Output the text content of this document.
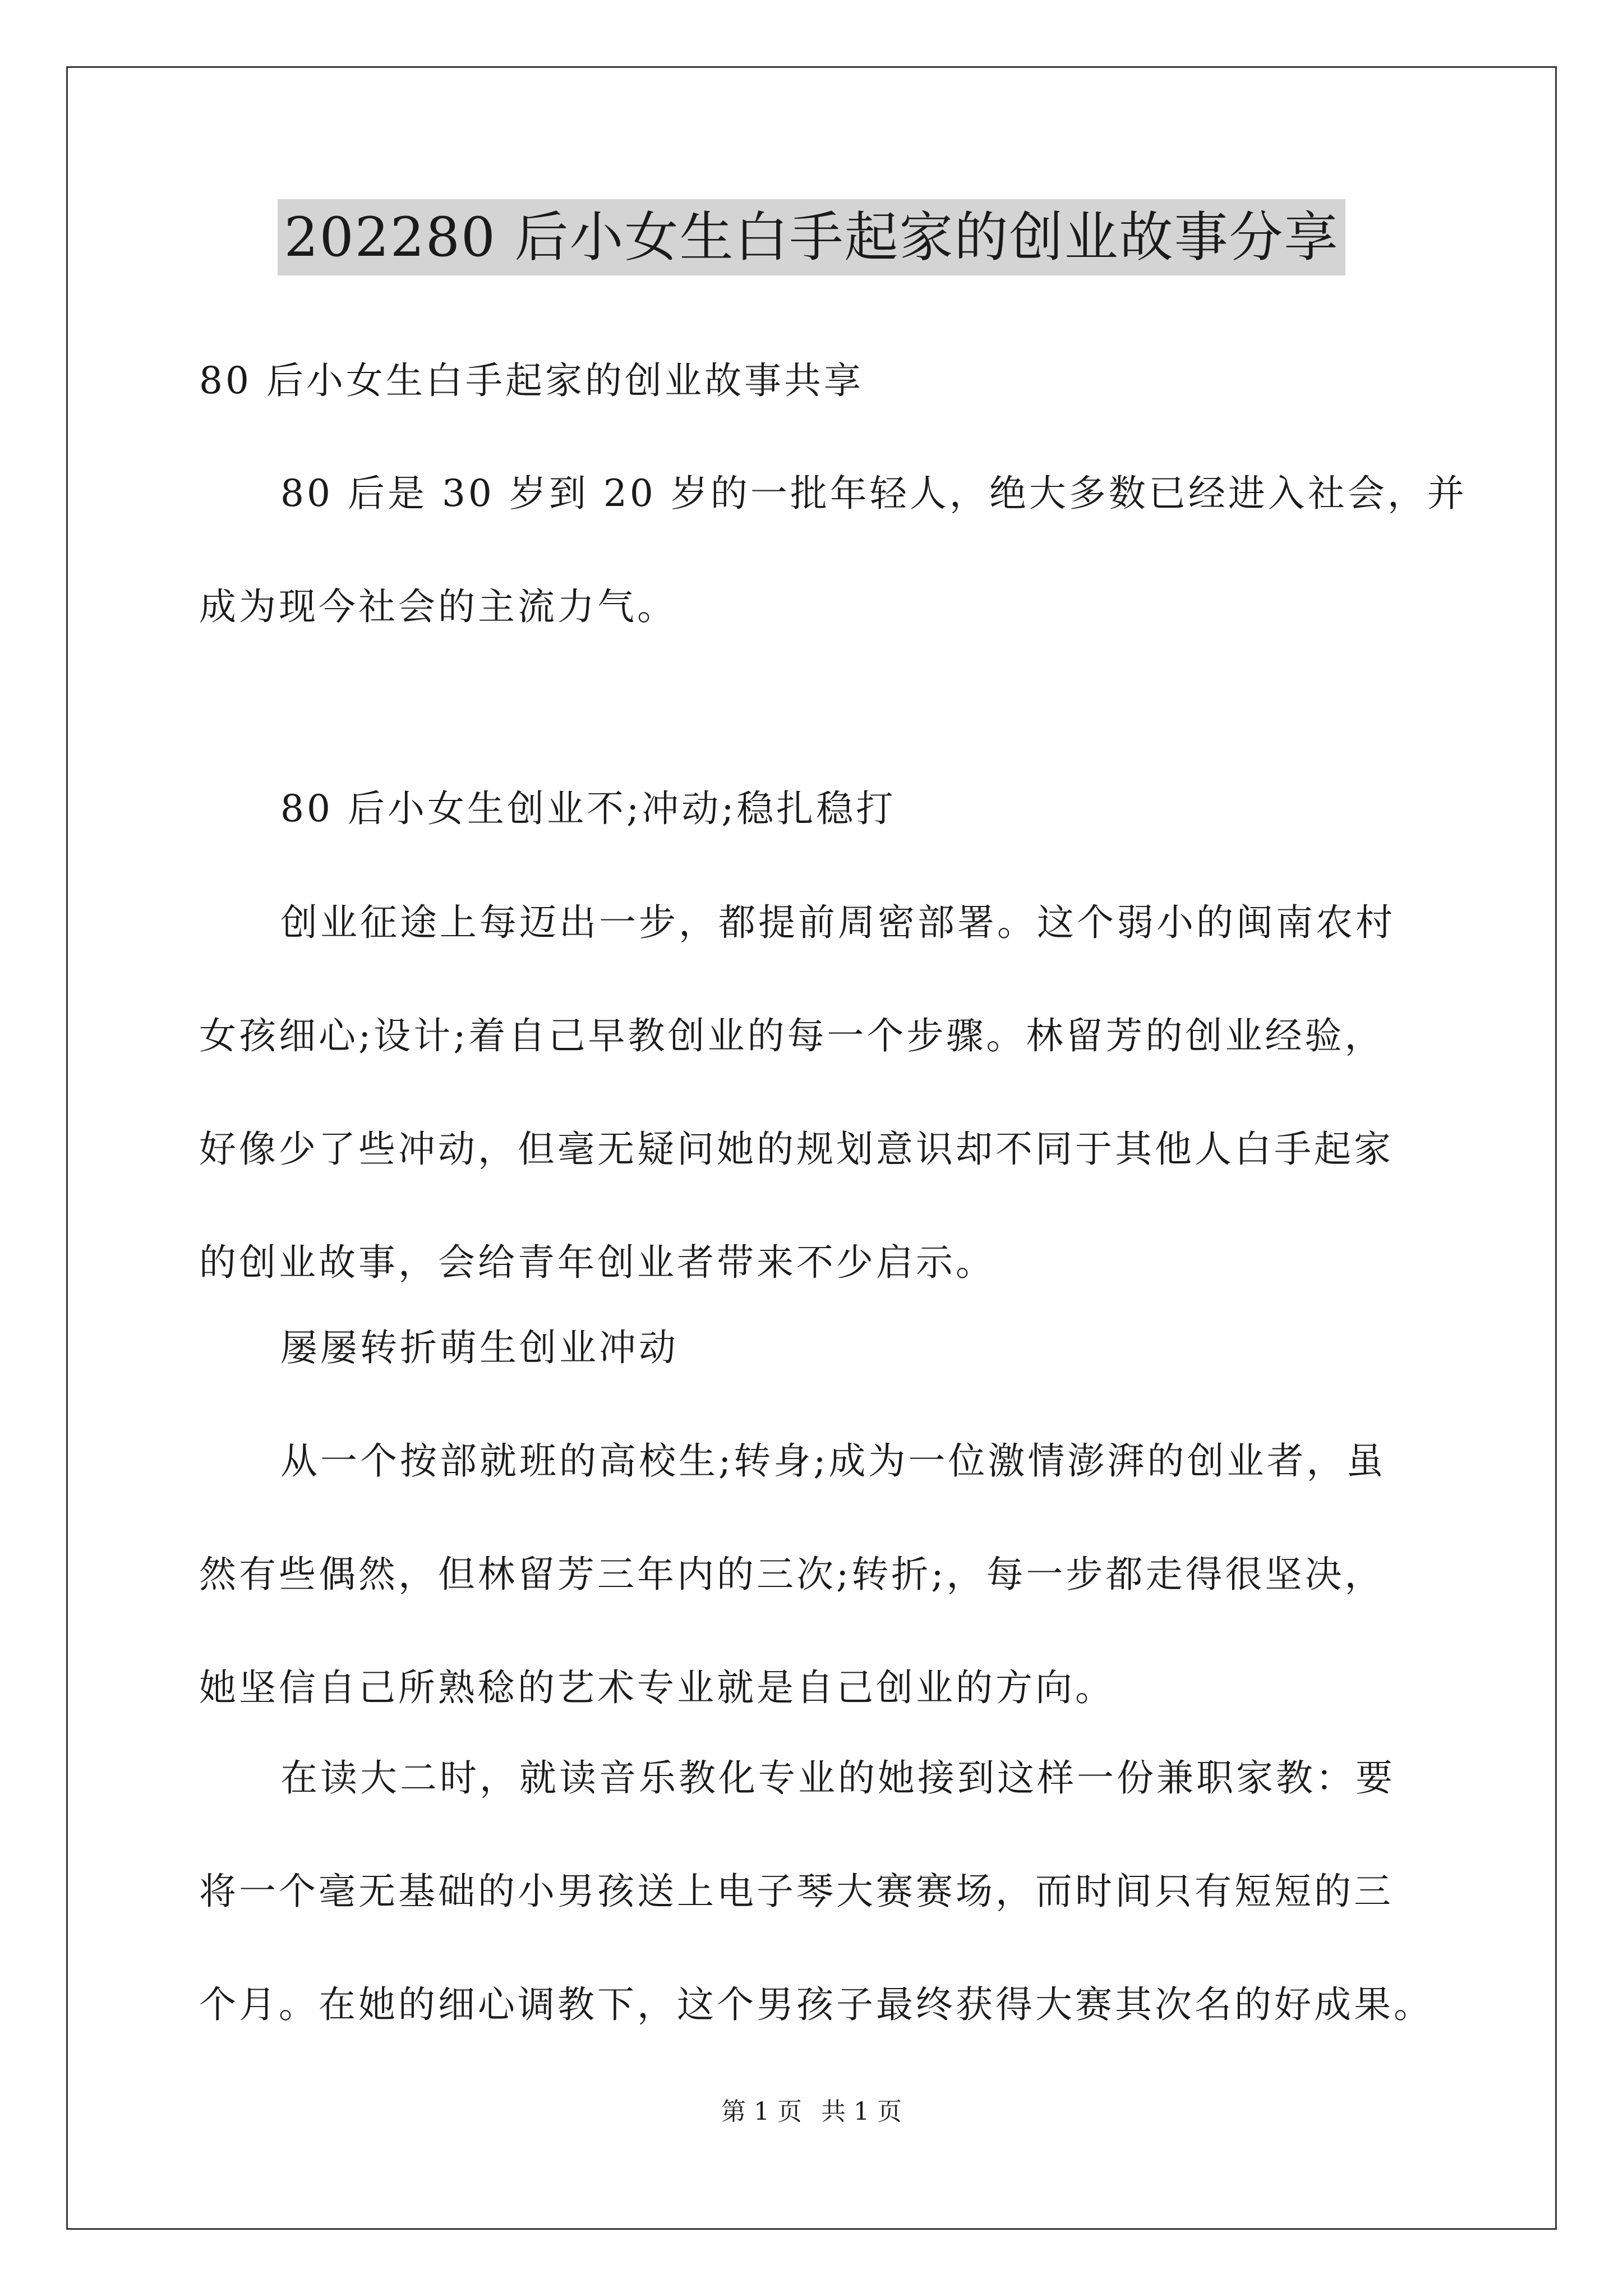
202280 后小女生白手起家的创业故事分享
80 后小女生白手起家的创业故事共享
80 后是 30 岁到 20 岁的一批年轻人，绝大多数已经进入社会，并
成为现今社会的主流力气。
80 后小女生创业不;冲动;稳扎稳打
创业征途上每迈出一步，都提前周密部署。这个弱小的闽南农村
女孩细心;设计;着自己早教创业的每一个步骤。林留芳的创业经验，
好像少了些冲动，但毫无疑问她的规划意识却不同于其他人白手起家
的创业故事，会给青年创业者带来不少启示。
屡屡转折萌生创业冲动
从一个按部就班的高校生;转身;成为一位激情澎湃的创业者，虽
然有些偶然，但林留芳三年内的三次;转折;，每一步都走得很坚决，
她坚信自己所熟稔的艺术专业就是自己创业的方向。
在读大二时，就读音乐教化专业的她接到这样一份兼职家教：要
将一个毫无基础的小男孩送上电子琴大赛赛场，而时间只有短短的三
个月。在她的细心调教下，这个男孩子最终获得大赛其次名的好成果。
第 1 页 共 1 页
